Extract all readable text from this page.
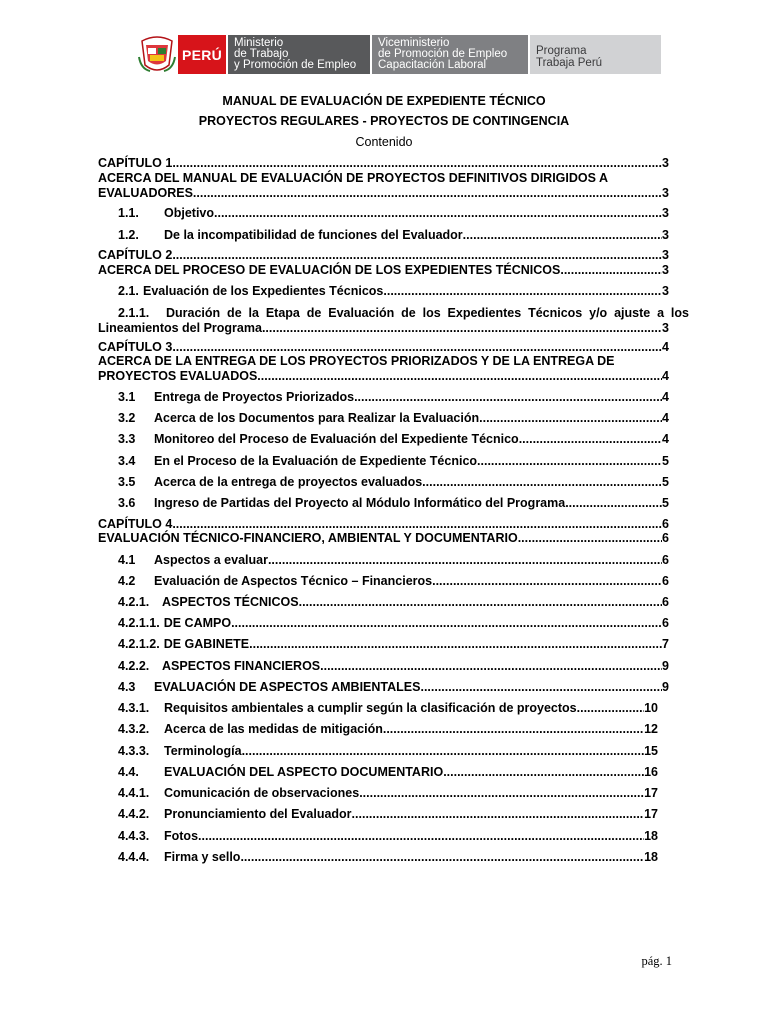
PERÚ
Ministerio
de Trabajo
y Promoción de Empleo
Viceministerio
de Promoción de Empleo
Capacitación Laboral
Programa
Trabaja Perú
MANUAL DE EVALUACIÓN DE EXPEDIENTE TÉCNICO
PROYECTOS REGULARES - PROYECTOS DE CONTINGENCIA
Contenido
CAPÍTULO 1 .....	3
ACERCA DEL MANUAL DE EVALUACIÓN DE PROYECTOS DEFINITIVOS DIRIGIDOS A
EVALUADORES .....	3
1.1. Objetivo .....	3
1.2. De la incompatibilidad de funciones del Evaluador .....	3
CAPÍTULO 2 .....	3
ACERCA DEL PROCESO DE EVALUACIÓN DE LOS EXPEDIENTES TÉCNICOS .....	3
2.1. Evaluación de los Expedientes Técnicos .....	3
2.1.1.	Duración de la Etapa de Evaluación de los Expedientes Técnicos y/o ajuste a los
Lineamientos del Programa .....	3
CAPÍTULO 3 .....	4
ACERCA DE LA ENTREGA DE LOS PROYECTOS PRIORIZADOS Y DE LA ENTREGA DE
PROYECTOS EVALUADOS .....	4
3.1 Entrega de Proyectos Priorizados .....	4
3.2 Acerca de los Documentos para Realizar la Evaluación .....	4
3.3 Monitoreo del Proceso de Evaluación del Expediente Técnico .....	4
3.4 En el Proceso de la Evaluación de Expediente Técnico .....	5
3.5 Acerca de la entrega de proyectos evaluados .....	5
3.6 Ingreso de Partidas del Proyecto al Módulo Informático del Programa .....	5
CAPÍTULO 4 .....	6
EVALUACIÓN TÉCNICO-FINANCIERO, AMBIENTAL Y DOCUMENTARIO .....	6
4.1 Aspectos a evaluar .....	6
4.2 Evaluación de Aspectos Técnico – Financieros .....	6
4.2.1. ASPECTOS TÉCNICOS .....	6
4.2.1.1. DE CAMPO .....	6
4.2.1.2. DE GABINETE .....	7
4.2.2. ASPECTOS FINANCIEROS .....	9
4.3 EVALUACIÓN DE ASPECTOS AMBIENTALES .....	9
4.3.1. Requisitos ambientales a cumplir según la clasificación de proyectos .....	10
4.3.2. Acerca de las medidas de mitigación .....	12
4.3.3. Terminología .....	15
4.4. EVALUACIÓN DEL ASPECTO DOCUMENTARIO .....	16
4.4.1. Comunicación de observaciones .....	17
4.4.2. Pronunciamiento del Evaluador .....	17
4.4.3. Fotos .....	18
4.4.4. Firma y sello .....	18
pág. 1
